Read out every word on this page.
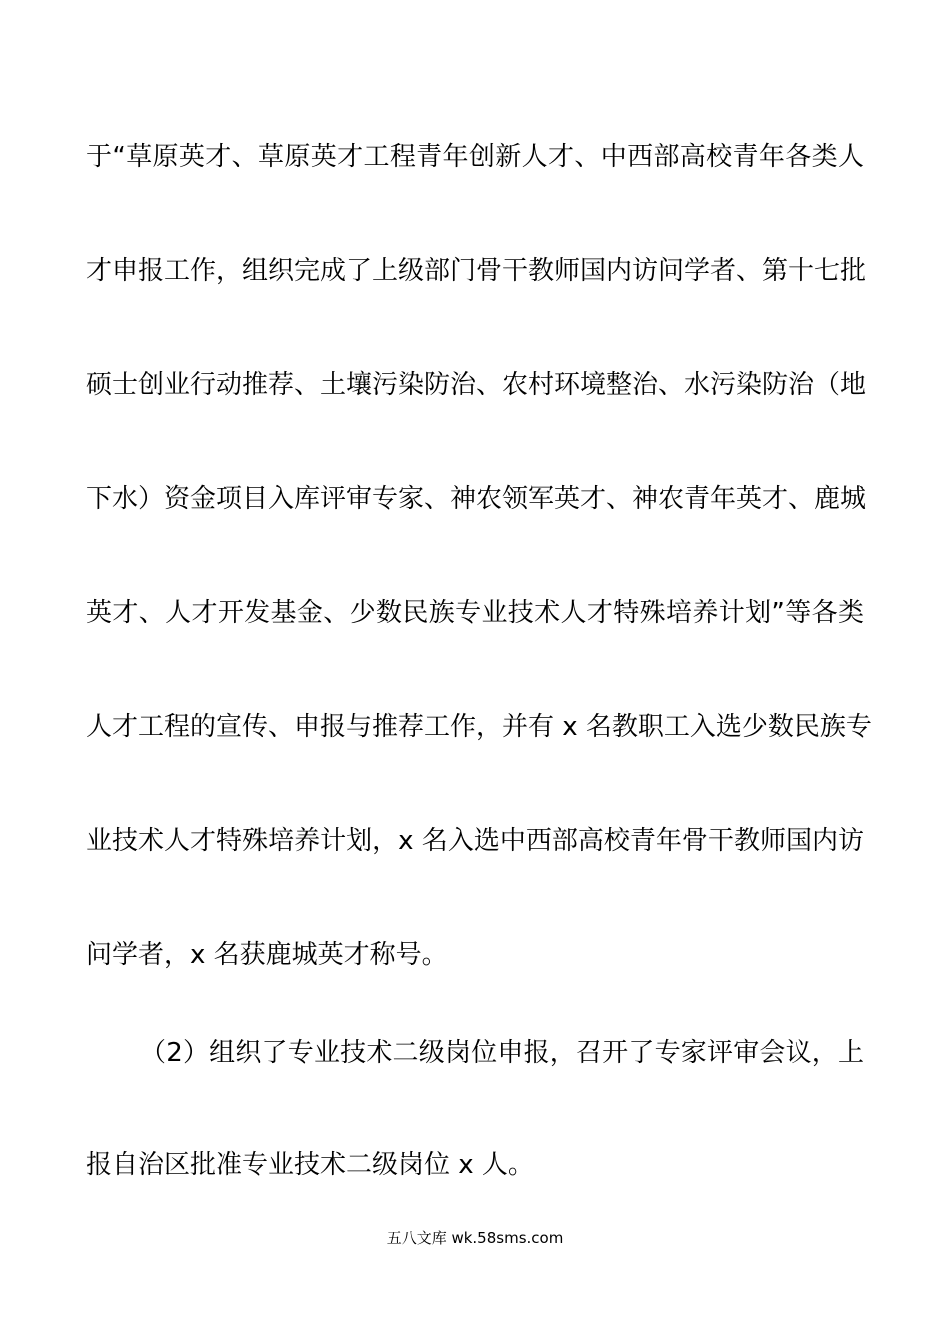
于“草原英才、草原英才工程青年创新人才、中西部高校青年各类人
才申报工作，组织完成了上级部门骨干教师国内访问学者、第十七批
硕士创业行动推荐、土壤污染防治、农村环境整治、水污染防治（地
下水）资金项目入库评审专家、神农领军英才、神农青年英才、鹿城
英才、人才开发基金、少数民族专业技术人才特殊培养计划”等各类
人才工程的宣传、申报与推荐工作，并有 x 名教职工入选少数民族专
业技术人才特殊培养计划，x 名入选中西部高校青年骨干教师国内访
问学者，x 名获鹿城英才称号。
（2）组织了专业技术二级岗位申报，召开了专家评审会议，上
报自治区批准专业技术二级岗位 x 人。
五八文库 wk.58sms.com
